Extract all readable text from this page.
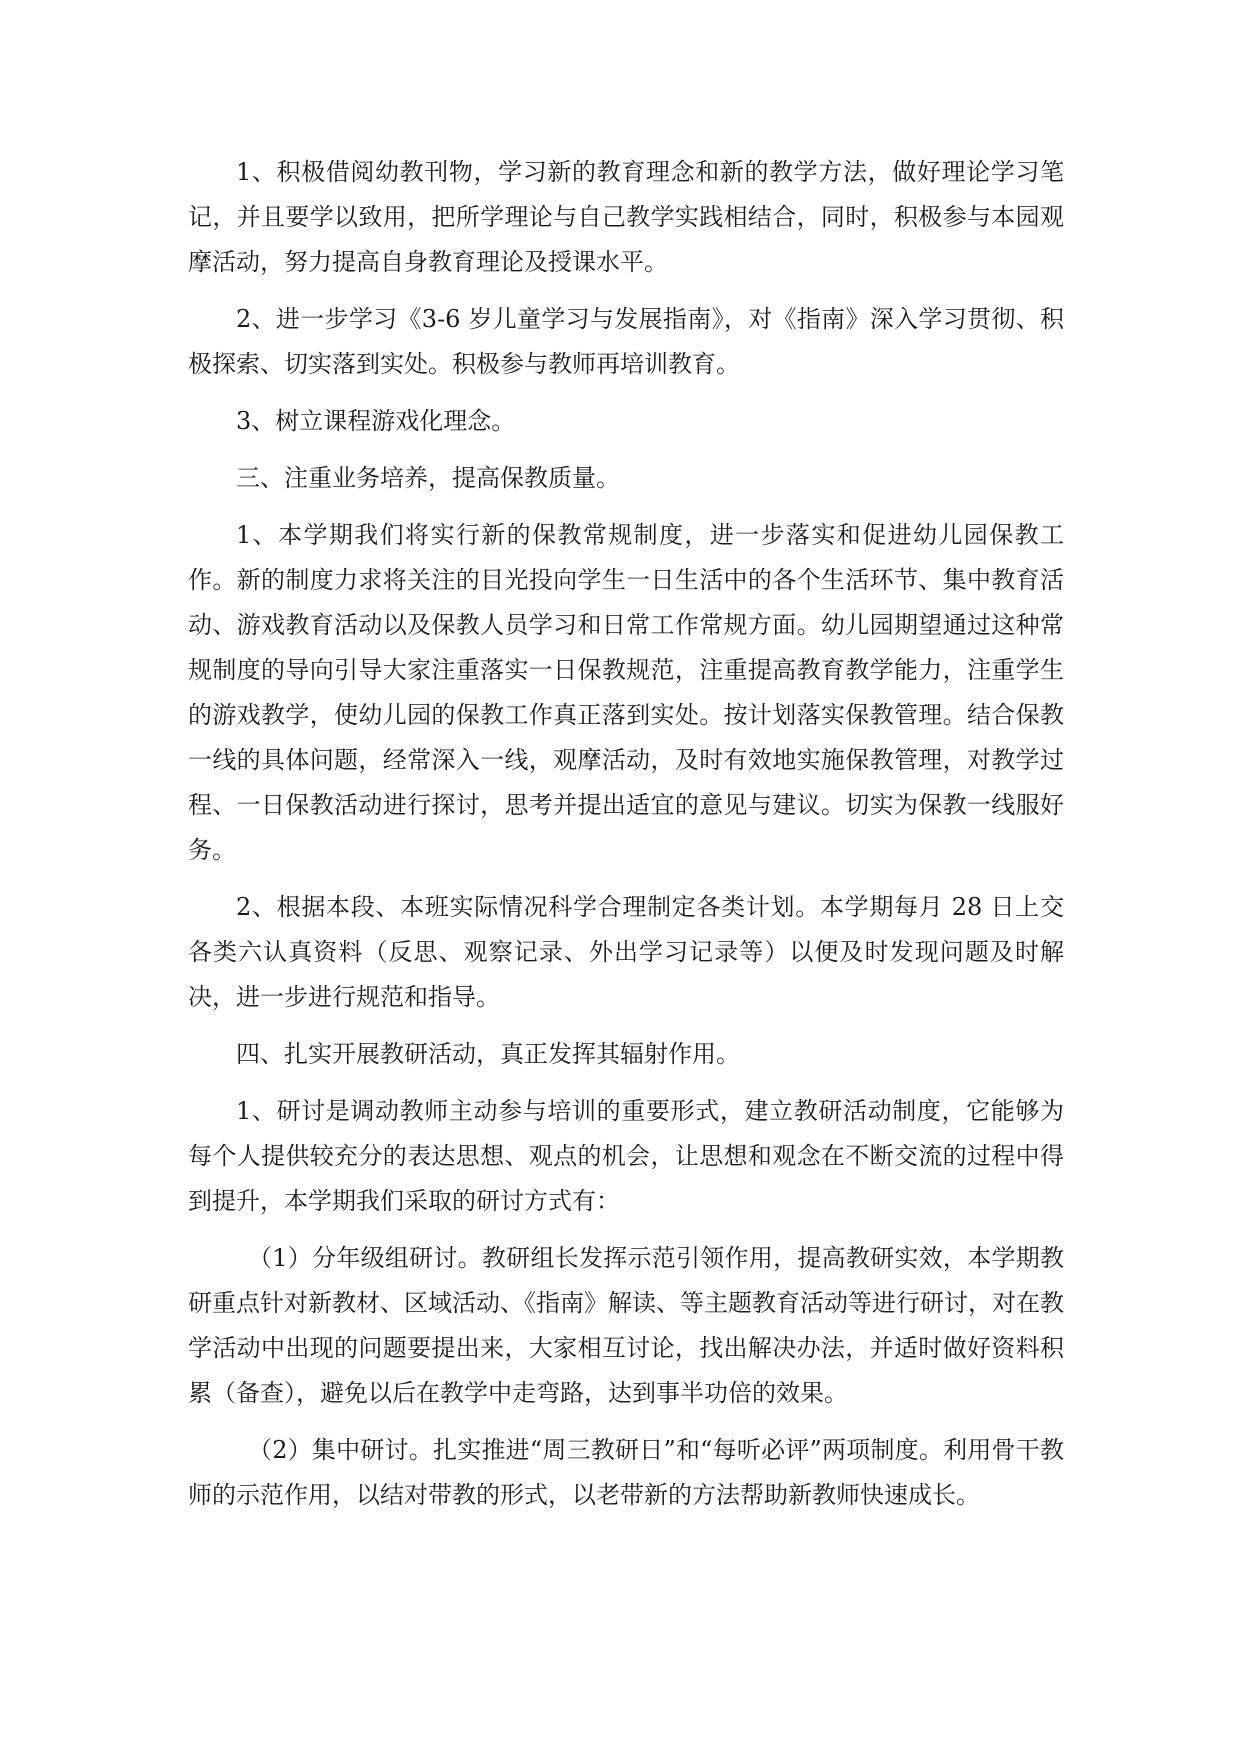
1、积极借阅幼教刊物，学习新的教育理念和新的教学方法，做好理论学习笔记，并且要学以致用，把所学理论与自己教学实践相结合，同时，积极参与本园观摩活动，努力提高自身教育理论及授课水平。

2、进一步学习《3-6 岁儿童学习与发展指南》，对《指南》深入学习贯彻、积极探索、切实落到实处。积极参与教师再培训教育。

3、树立课程游戏化理念。

三、注重业务培养，提高保教质量。

1、本学期我们将实行新的保教常规制度，进一步落实和促进幼儿园保教工作。新的制度力求将关注的目光投向学生一日生活中的各个生活环节、集中教育活动、游戏教育活动以及保教人员学习和日常工作常规方面。幼儿园期望通过这种常规制度的导向引导大家注重落实一日保教规范，注重提高教育教学能力，注重学生的游戏教学，使幼儿园的保教工作真正落到实处。按计划落实保教管理。结合保教一线的具体问题，经常深入一线，观摩活动，及时有效地实施保教管理，对教学过程、一日保教活动进行探讨，思考并提出适宜的意见与建议。切实为保教一线服好务。

2、根据本段、本班实际情况科学合理制定各类计划。本学期每月 28 日上交各类六认真资料（反思、观察记录、外出学习记录等）以便及时发现问题及时解决，进一步进行规范和指导。

四、扎实开展教研活动，真正发挥其辐射作用。

1、研讨是调动教师主动参与培训的重要形式，建立教研活动制度，它能够为每个人提供较充分的表达思想、观点的机会，让思想和观念在不断交流的过程中得到提升，本学期我们采取的研讨方式有：

（1）分年级组研讨。教研组长发挥示范引领作用，提高教研实效，本学期教研重点针对新教材、区域活动、《指南》解读、等主题教育活动等进行研讨，对在教学活动中出现的问题要提出来，大家相互讨论，找出解决办法，并适时做好资料积累（备查），避免以后在教学中走弯路，达到事半功倍的效果。

（2）集中研讨。扎实推进“周三教研日”和“每听必评”两项制度。利用骨干教师的示范作用，以结对带教的形式，以老带新的方法帮助新教师快速成长。
